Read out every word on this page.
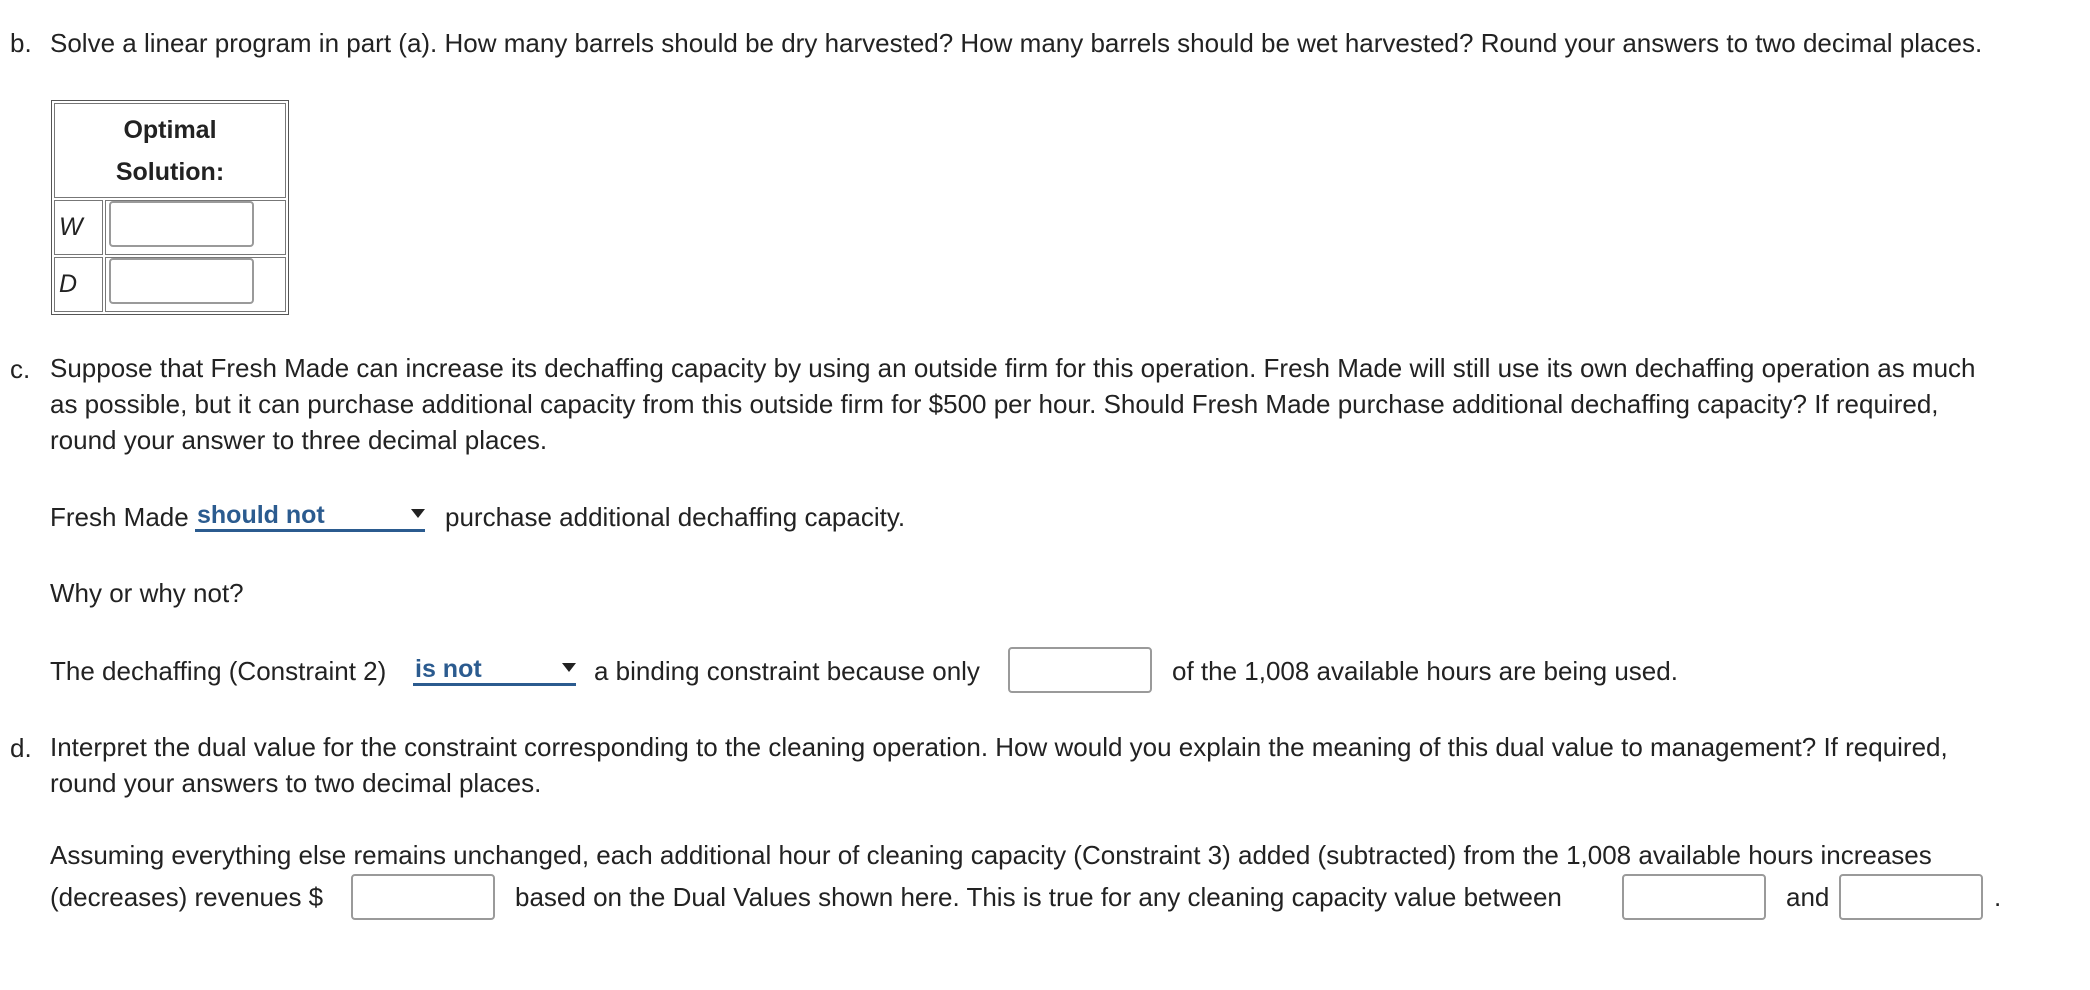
b. Solve a linear program in part (a). How many barrels should be dry harvested? How many barrels should be wet harvested? Round your answers to two decimal places.
Optimal
Solution:	

W	
D	
c. Suppose that Fresh Made can increase its dechaffing capacity by using an outside firm for this operation. Fresh Made will still use its own dechaffing operation as much
as possible, but it can purchase additional capacity from this outside firm for $500 per hour. Should Fresh Made purchase additional dechaffing capacity? If required,
round your answer to three decimal places.
Fresh Made should not	purchase additional dechaffing capacity.
Why or why not?
The dechaffing (Constraint 2) is not	a binding constraint because only	of the 1,008 available hours are being used.
d. Interpret the dual value for the constraint corresponding to the cleaning operation. How would you explain the meaning of this dual value to management? If required,
round your answers to two decimal places.
Assuming everything else remains unchanged, each additional hour of cleaning capacity (Constraint 3) added (subtracted) from the 1,008 available hours increases
(decreases) revenues $	based on the Dual Values shown here. This is true for any cleaning capacity value between	and	.
